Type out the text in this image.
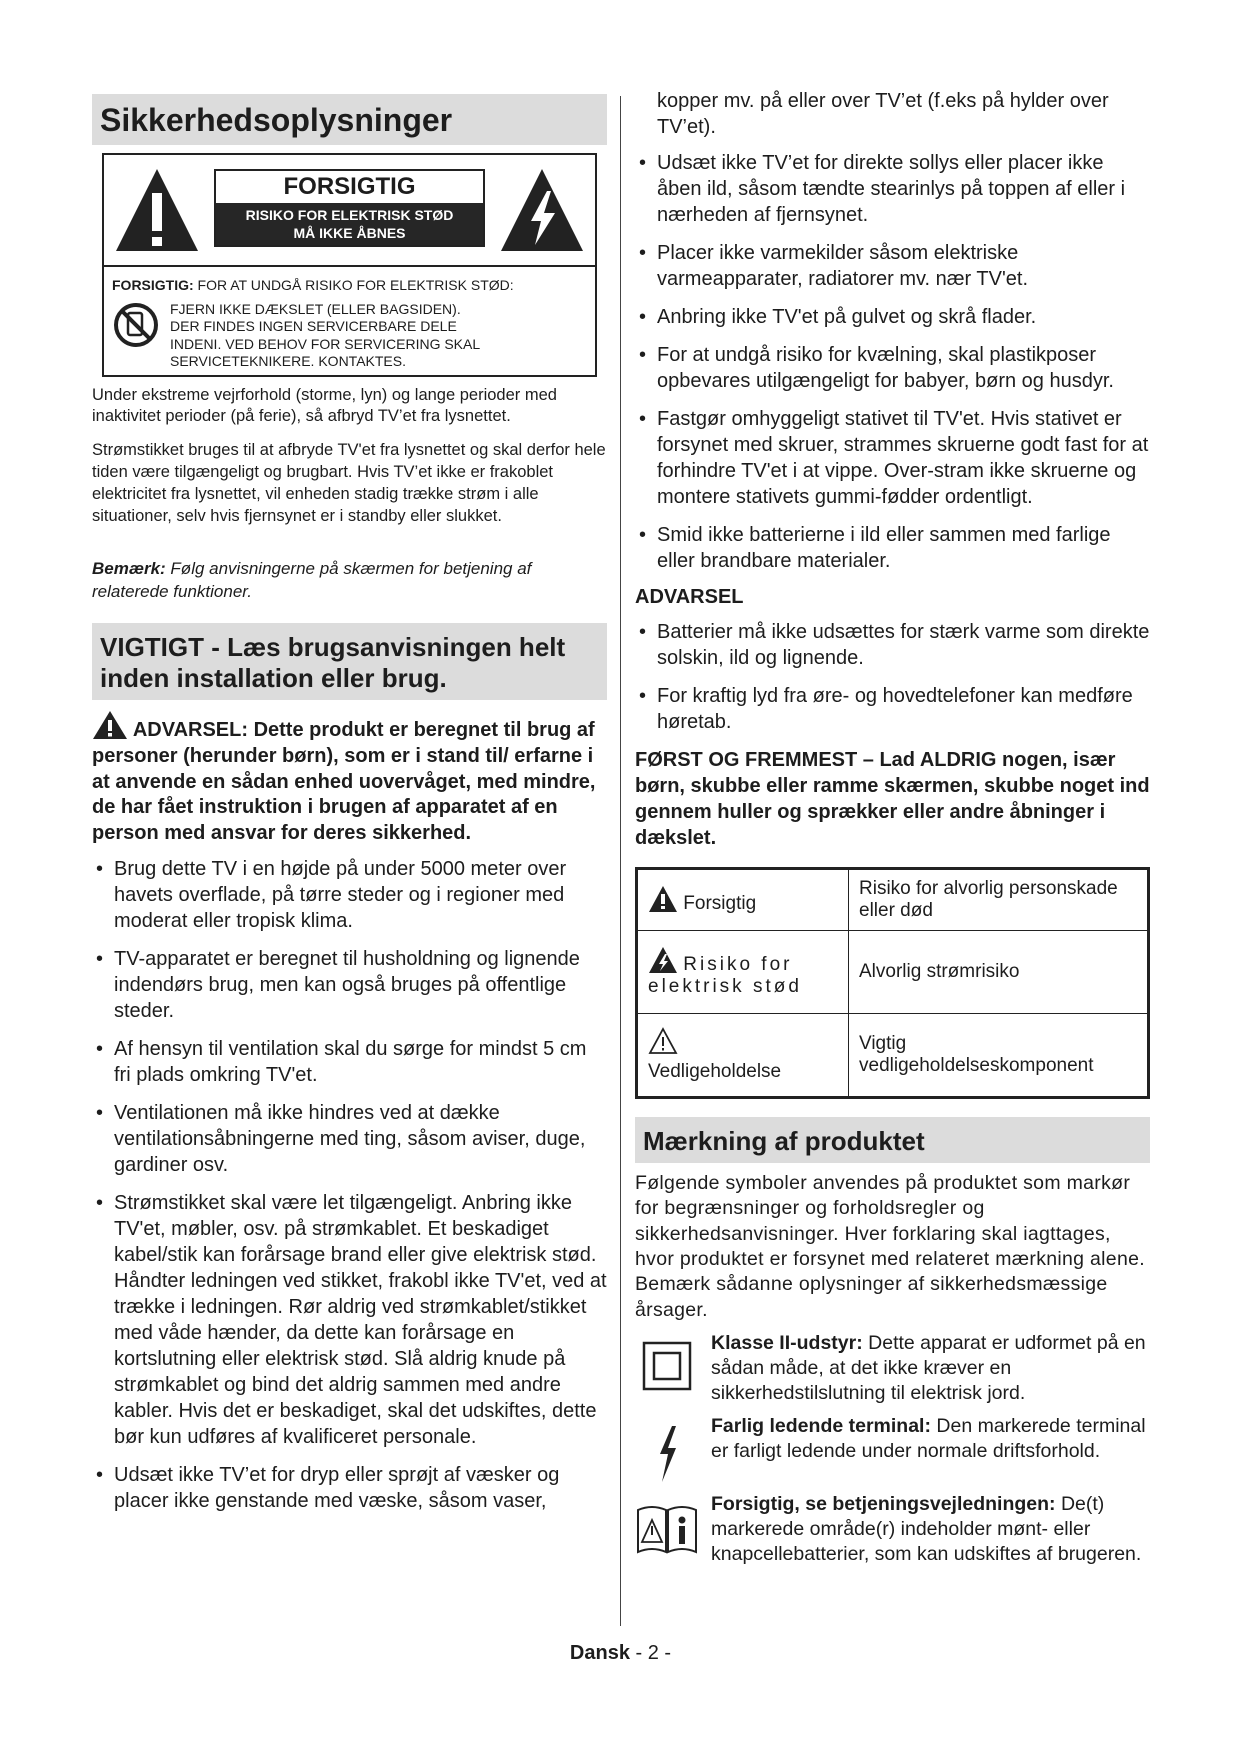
Sikkerhedsoplysninger
FORSIGTIG
RISIKO FOR ELEKTRISK STØD
MÅ IKKE ÅBNES
FORSIGTIG: FOR AT UNDGÅ RISIKO FOR ELEKTRISK STØD:
FJERN IKKE DÆKSLET (ELLER BAGSIDEN).
DER FINDES INGEN SERVICERBARE DELE
INDENI. VED BEHOV FOR SERVICERING SKAL
SERVICETEKNIKERE. KONTAKTES.

Under ekstreme vejrforhold (storme, lyn) og lange perioder med inaktivitet perioder (på ferie), så afbryd TV’et fra lysnettet.

Strømstikket bruges til at afbryde TV'et fra lysnettet og skal derfor hele tiden være tilgængeligt og brugbart. Hvis TV’et ikke er frakoblet elektricitet fra lysnettet, vil enheden stadig trække strøm i alle situationer, selv hvis fjernsynet er i standby eller slukket.

Bemærk: Følg anvisningerne på skærmen for betjening af relaterede funktioner.

VIGTIGT - Læs brugsanvisningen helt inden installation eller brug.
ADVARSEL: Dette produkt er beregnet til brug af personer (herunder børn), som er i stand til/ erfarne i at anvende en sådan enhed uovervåget, med mindre, de har fået instruktion i brugen af apparatet af en person med ansvar for deres sikkerhed.
• Brug dette TV i en højde på under 5000 meter over havets overflade, på tørre steder og i regioner med moderat eller tropisk klima.
• TV-apparatet er beregnet til husholdning og lignende indendørs brug, men kan også bruges på offentlige steder.
• Af hensyn til ventilation skal du sørge for mindst 5 cm fri plads omkring TV'et.
• Ventilationen må ikke hindres ved at dække ventilationsåbningerne med ting, såsom aviser, duge, gardiner osv.
• Strømstikket skal være let tilgængeligt. Anbring ikke TV'et, møbler, osv. på strømkablet. Et beskadiget kabel/stik kan forårsage brand eller give elektrisk stød. Håndter ledningen ved stikket, frakobl ikke TV'et, ved at trække i ledningen. Rør aldrig ved strømkablet/stikket med våde hænder, da dette kan forårsage en kortslutning eller elektrisk stød. Slå aldrig knude på strømkablet og bind det aldrig sammen med andre kabler. Hvis det er beskadiget, skal det udskiftes, dette bør kun udføres af kvalificeret personale.
• Udsæt ikke TV’et for dryp eller sprøjt af væsker og placer ikke genstande med væske, såsom vaser,

kopper mv. på eller over TV’et (f.eks på hylder over TV’et).

• Udsæt ikke TV’et for direkte sollys eller placer ikke åben ild, såsom tændte stearinlys på toppen af eller i nærheden af fjernsynet.
• Placer ikke varmekilder såsom elektriske varmeapparater, radiatorer mv. nær TV'et.
• Anbring ikke TV'et på gulvet og skrå flader.
• For at undgå risiko for kvælning, skal plastikposer opbevares utilgængeligt for babyer, børn og husdyr.
• Fastgør omhyggeligt stativet til TV'et. Hvis stativet er forsynet med skruer, strammes skruerne godt fast for at forhindre TV'et i at vippe. Over-stram ikke skruerne og montere stativets gummi-fødder ordentligt.
• Smid ikke batterierne i ild eller sammen med farlige eller brandbare materialer.
ADVARSEL
• Batterier må ikke udsættes for stærk varme som direkte solskin, ild og lignende.
• For kraftig lyd fra øre- og hovedtelefoner kan medføre høretab.

FØRST OG FREMMEST – Lad ALDRIG nogen, især børn, skubbe eller ramme skærmen, skubbe noget ind gennem huller og sprækker eller andre åbninger i dækslet.

Forsigtig	Risiko for alvorlig personskade eller død
Risiko for elektrisk stød	Alvorlig strømrisiko

Vedligeholdelse	Vigtig vedligeholdelseskomponent
Mærkning af produktet

Følgende symboler anvendes på produktet som markør for begrænsninger og forholdsregler og sikkerhedsanvisninger. Hver forklaring skal iagttages, hvor produktet er forsynet med relateret mærkning alene. Bemærk sådanne oplysninger af sikkerhedsmæssige årsager.

Klasse II-udstyr: Dette apparat er udformet på en sådan måde, at det ikke kræver en sikkerhedstilslutning til elektrisk jord.
Farlig ledende terminal: Den markerede terminal er farligt ledende under normale driftsforhold.
Forsigtig, se betjeningsvejledningen: De(t) markerede område(r) indeholder mønt- eller knapcellebatterier, som kan udskiftes af brugeren.
Dansk - 2 -
